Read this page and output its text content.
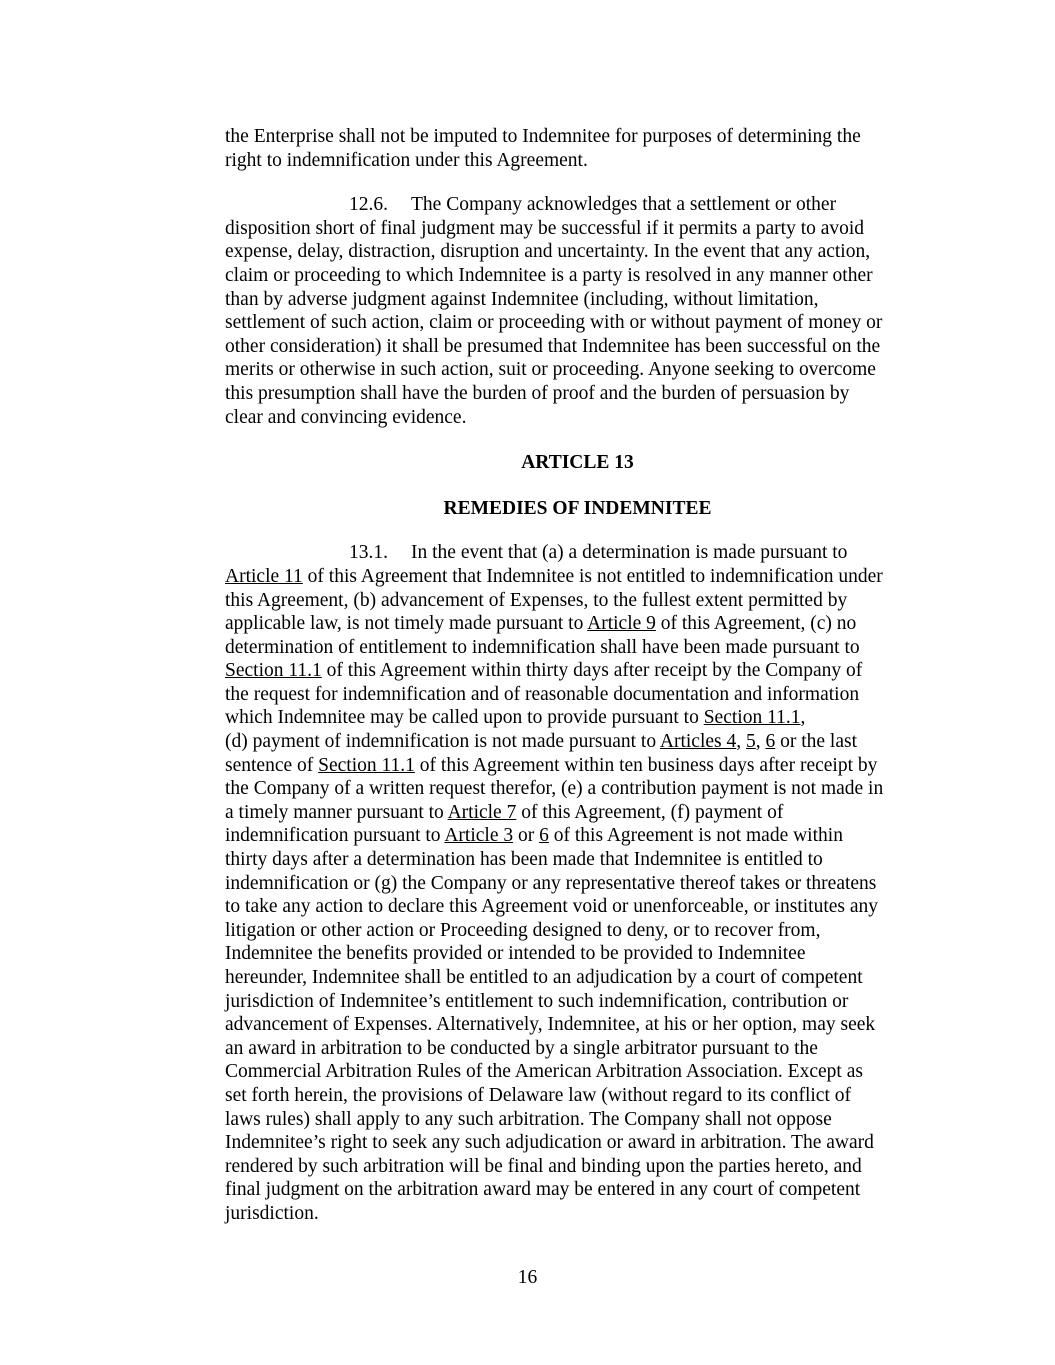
the Enterprise shall not be imputed to Indemnitee for purposes of determining the
right to indemnification under this Agreement.
12.6. The Company acknowledges that a settlement or other
disposition short of final judgment may be successful if it permits a party to avoid
expense, delay, distraction, disruption and uncertainty. In the event that any action,
claim or proceeding to which Indemnitee is a party is resolved in any manner other
than by adverse judgment against Indemnitee (including, without limitation,
settlement of such action, claim or proceeding with or without payment of money or
other consideration) it shall be presumed that Indemnitee has been successful on the
merits or otherwise in such action, suit or proceeding. Anyone seeking to overcome
this presumption shall have the burden of proof and the burden of persuasion by
clear and convincing evidence.
ARTICLE 13
REMEDIES OF INDEMNITEE
13.1. In the event that (a) a determination is made pursuant to
Article 11 of this Agreement that Indemnitee is not entitled to indemnification under
this Agreement, (b) advancement of Expenses, to the fullest extent permitted by
applicable law, is not timely made pursuant to Article 9 of this Agreement, (c) no
determination of entitlement to indemnification shall have been made pursuant to
Section 11.1 of this Agreement within thirty days after receipt by the Company of
the request for indemnification and of reasonable documentation and information
which Indemnitee may be called upon to provide pursuant to Section 11.1,
(d) payment of indemnification is not made pursuant to Articles 4, 5, 6 or the last
sentence of Section 11.1 of this Agreement within ten business days after receipt by
the Company of a written request therefor, (e) a contribution payment is not made in
a timely manner pursuant to Article 7 of this Agreement, (f) payment of
indemnification pursuant to Article 3 or 6 of this Agreement is not made within
thirty days after a determination has been made that Indemnitee is entitled to
indemnification or (g) the Company or any representative thereof takes or threatens
to take any action to declare this Agreement void or unenforceable, or institutes any
litigation or other action or Proceeding designed to deny, or to recover from,
Indemnitee the benefits provided or intended to be provided to Indemnitee
hereunder, Indemnitee shall be entitled to an adjudication by a court of competent
jurisdiction of Indemnitee’s entitlement to such indemnification, contribution or
advancement of Expenses. Alternatively, Indemnitee, at his or her option, may seek
an award in arbitration to be conducted by a single arbitrator pursuant to the
Commercial Arbitration Rules of the American Arbitration Association. Except as
set forth herein, the provisions of Delaware law (without regard to its conflict of
laws rules) shall apply to any such arbitration. The Company shall not oppose
Indemnitee’s right to seek any such adjudication or award in arbitration. The award
rendered by such arbitration will be final and binding upon the parties hereto, and
final judgment on the arbitration award may be entered in any court of competent
jurisdiction.
16
